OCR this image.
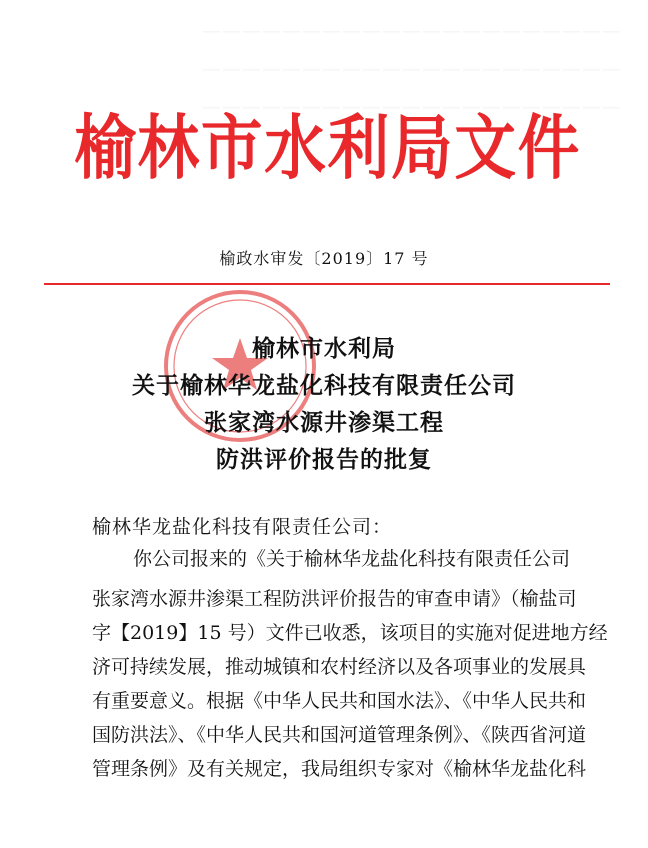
＿＿＿＿＿＿＿＿＿＿＿＿＿＿＿＿＿＿＿＿＿
＿＿＿＿＿＿＿＿＿＿＿＿＿＿＿＿＿＿＿＿＿
＿＿＿＿＿＿＿＿＿＿＿＿＿＿＿＿＿＿＿＿＿
榆林市水利局文件
榆政水审发〔2019〕17 号
榆林市水利局
关于榆林华龙盐化科技有限责任公司
张家湾水源井渗渠工程
防洪评价报告的批复
榆林华龙盐化科技有限责任公司：
你公司报来的《关于榆林华龙盐化科技有限责任公司
张家湾水源井渗渠工程防洪评价报告的审查申请》（榆盐司
字【2019】15 号）文件已收悉，该项目的实施对促进地方经
济可持续发展，推动城镇和农村经济以及各项事业的发展具
有重要意义。根据《中华人民共和国水法》、《中华人民共和
国防洪法》、《中华人民共和国河道管理条例》、《陕西省河道
管理条例》及有关规定，我局组织专家对《榆林华龙盐化科
